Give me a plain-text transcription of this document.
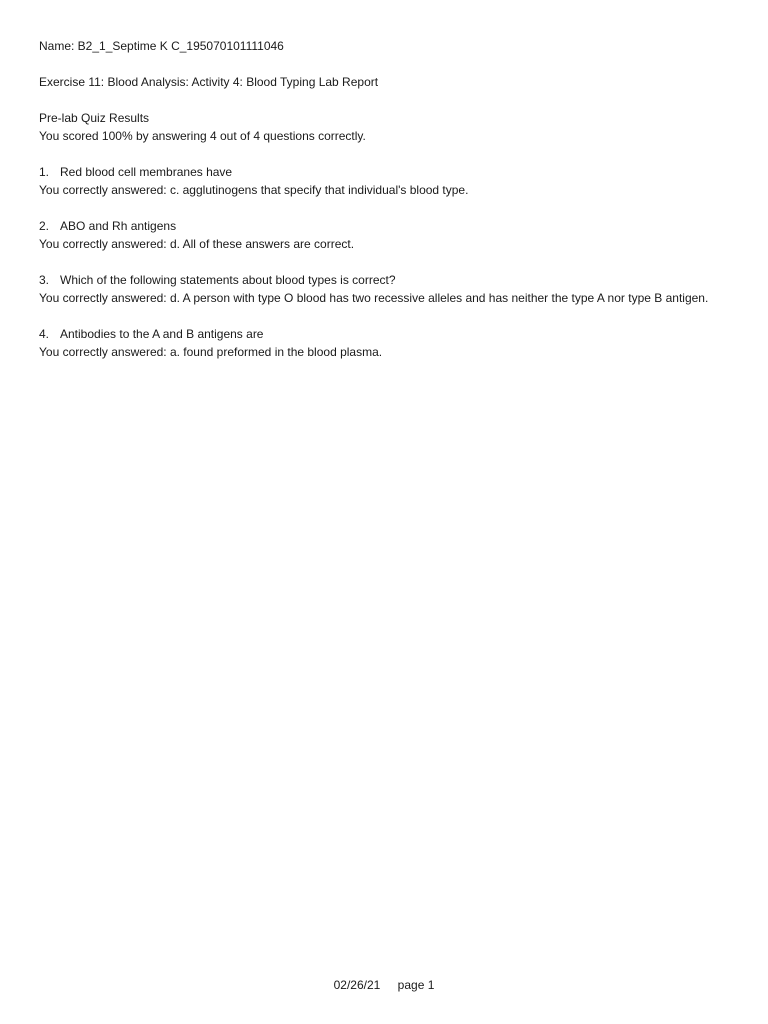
Name: B2_1_Septime K C_195070101111046

Exercise 11: Blood Analysis: Activity 4: Blood Typing Lab Report

Pre-lab Quiz Results

You scored 100% by answering 4 out of 4 questions correctly.

1. Red blood cell membranes have

You correctly answered: c. agglutinogens that specify that individual's blood type.

2. ABO and Rh antigens

You correctly answered: d. All of these answers are correct.

3. Which of the following statements about blood types is correct?

You correctly answered: d. A person with type O blood has two recessive alleles and has neither the type A nor type B antigen.

4. Antibodies to the A and B antigens are

You correctly answered: a. found preformed in the blood plasma.

02/26/21 page 1
